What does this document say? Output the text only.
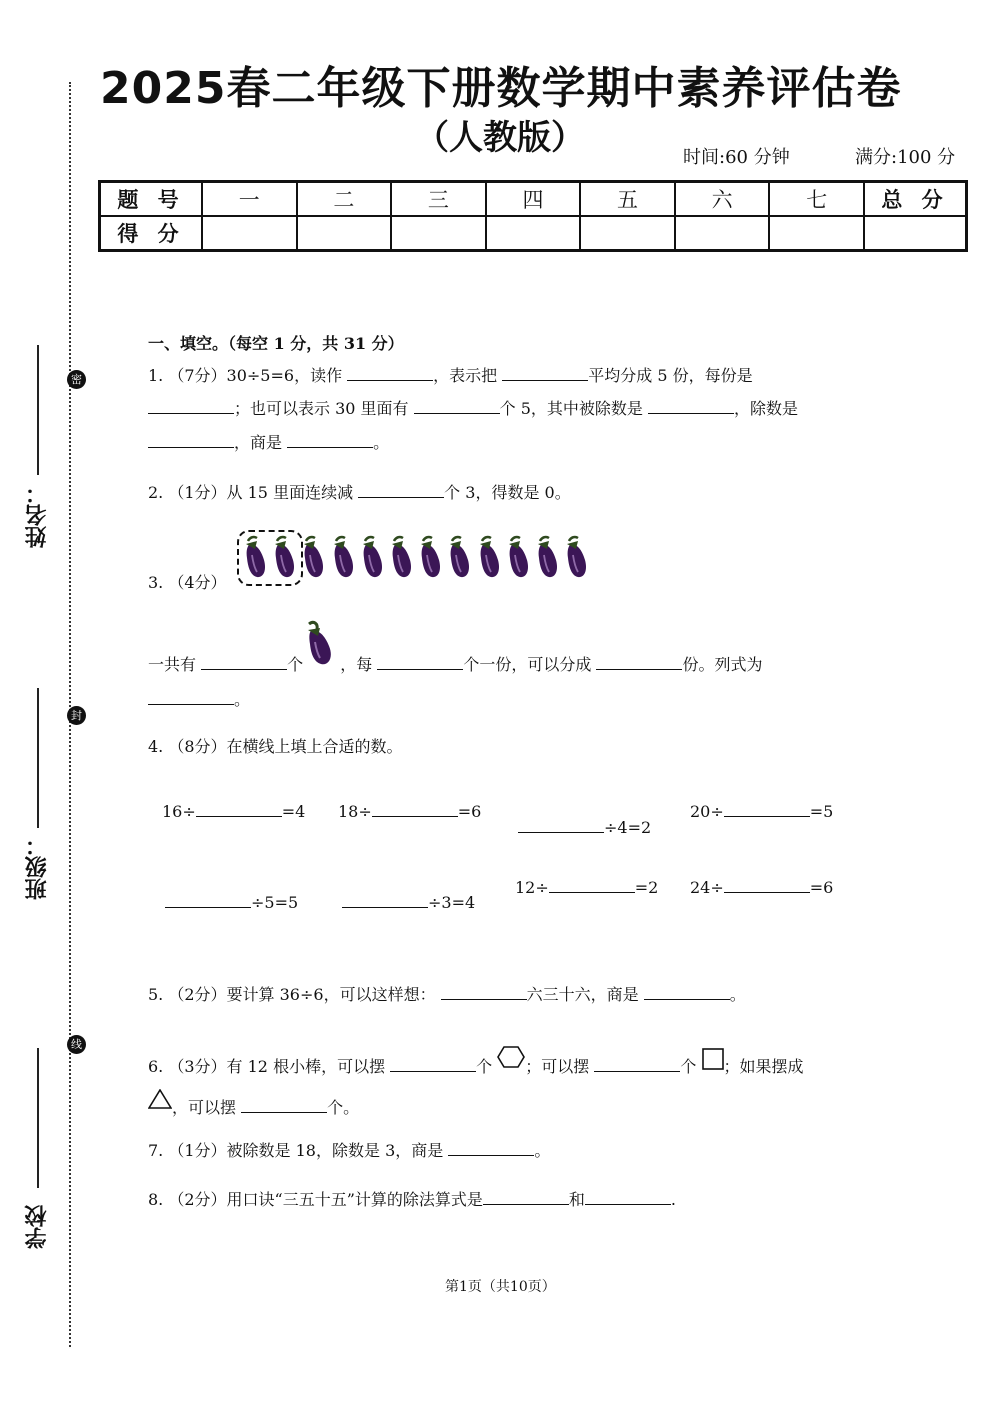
密
封
线
姓名：
班级：
学校
2025春二年级下册数学期中素养评估卷
（人教版）	时间:60 分钟	满分:100 分
题 号	一	二	三	四	五	六	七	总 分
得 分								
一、填空。（每空 1 分，共 31 分）
1. （7分）30÷5=6，读作	，表示把	平均分成 5 份，每份是
；也可以表示 30 里面有	个 5，其中被除数是	，除数是
，商是	。
2. （1分）从 15 里面连续减	个 3，得数是 0。
3. （4分）
一共有	个 ，每	个一份，可以分成	份。列式为
。
4. （8分）在横线上填上合适的数。
16÷	=4 18÷	=6
÷4=2
20÷	=5
÷5=5	÷3=4
12÷	=2 24÷	=6
5. （2分）要计算 36÷6，可以这样想：	六三十六，商是	。
6. （3分）有 12 根小棒，可以摆	个 ；可以摆	个 ；如果摆成
，可以摆	个。
7. （1分）被除数是 18，除数是 3，商是	。
8. （2分）用口诀“三五十五”计算的除法算式是	和	.
第1页（共10页）
